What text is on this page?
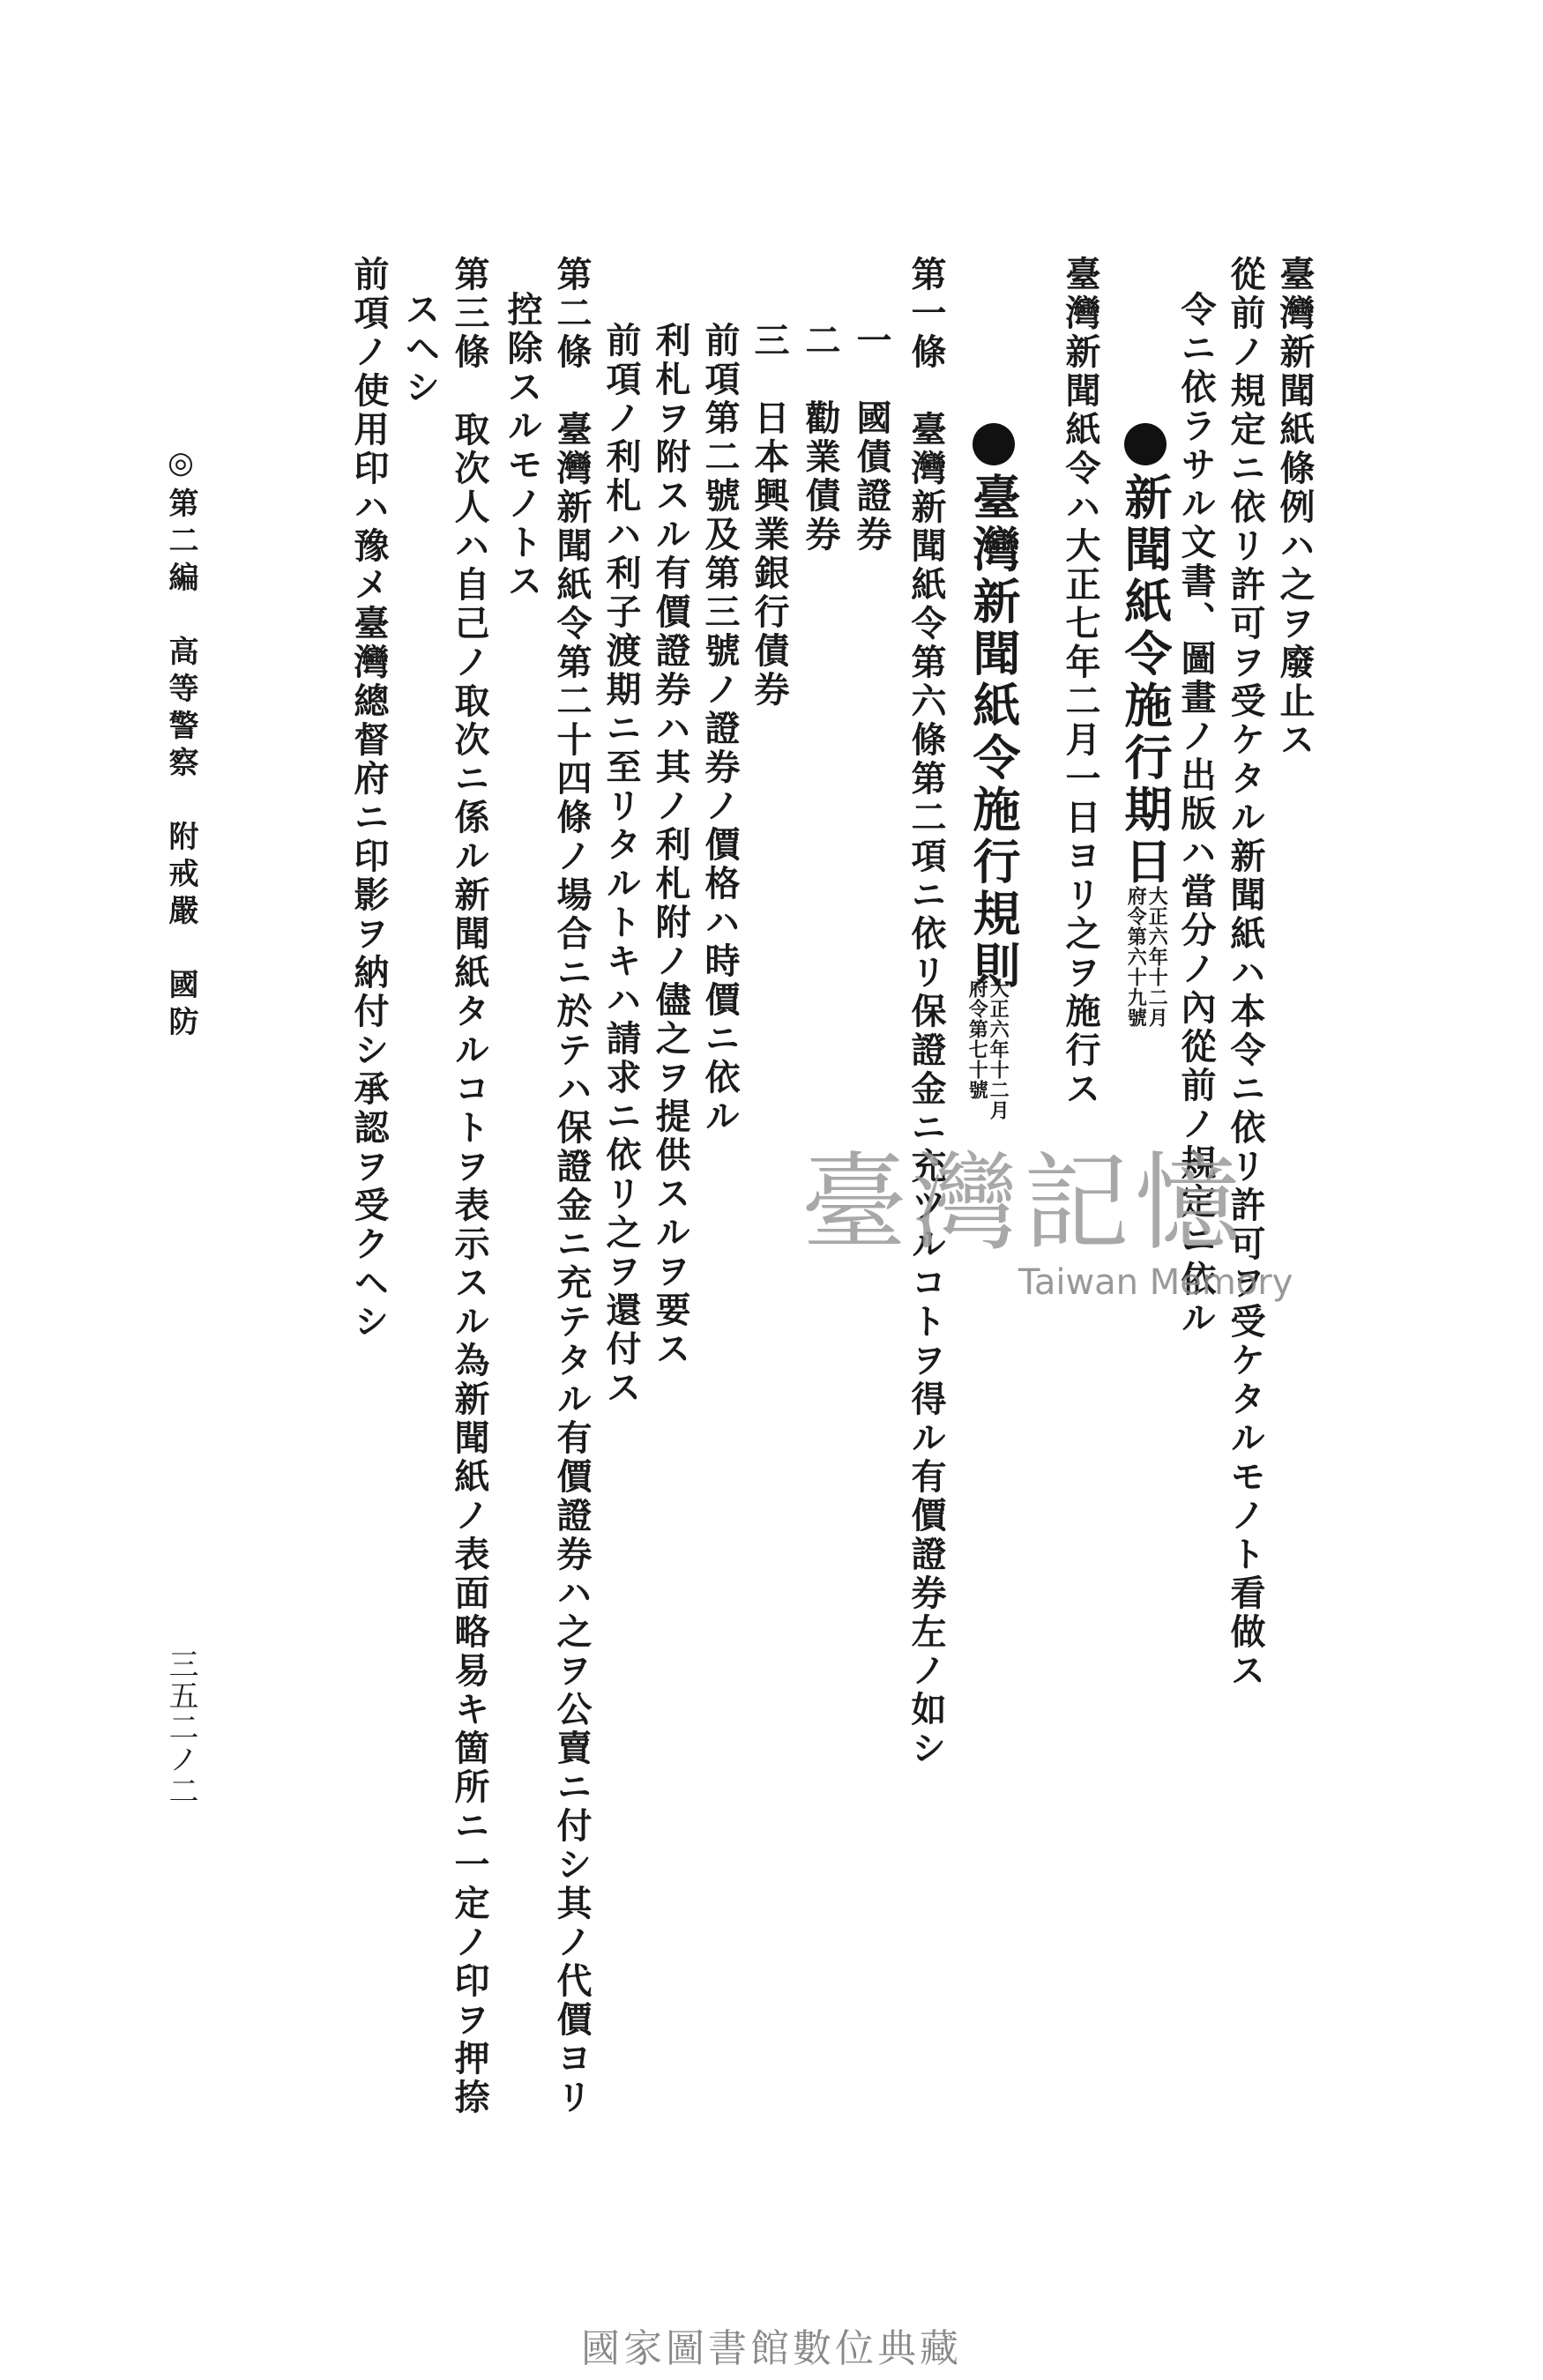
臺灣新聞紙條例ハ之ヲ廢止ス
從前ノ規定ニ依リ許可ヲ受ケタル新聞紙ハ本令ニ依リ許可ヲ受ケタルモノト看做ス
令ニ依ラサル文書、圖畫ノ出版ハ當分ノ內從前ノ規定ニ依ル
新聞紙令施行期日
大正六年十二月
府令第六十九號
臺灣新聞紙令ハ大正七年二月一日ヨリ之ヲ施行ス
臺灣新聞紙令施行規則
大正六年十二月
府令第七十號
第一條　臺灣新聞紙令第六條第二項ニ依リ保證金ニ充ツルコトヲ得ル有價證券左ノ如シ
一　國債證券
二　勸業債券
三　日本興業銀行債券
前項第二號及第三號ノ證券ノ價格ハ時價ニ依ル
利札ヲ附スル有價證券ハ其ノ利札附ノ儘之ヲ提供スルヲ要ス
前項ノ利札ハ利子渡期ニ至リタルトキハ請求ニ依リ之ヲ還付ス
第二條　臺灣新聞紙令第二十四條ノ場合ニ於テハ保證金ニ充テタル有價證券ハ之ヲ公賣ニ付シ其ノ代價ヨリ
控除スルモノトス
第三條　取次人ハ自己ノ取次ニ係ル新聞紙タルコトヲ表示スル為新聞紙ノ表面略易キ箇所ニ一定ノ印ヲ押捺
スヘシ
前項ノ使用印ハ豫メ臺灣總督府ニ印影ヲ納付シ承認ヲ受クヘシ
◎第二編　高等警察　附戒嚴　國防
三五二ノ二
臺灣記憶
Taiwan Memory
國家圖書館數位典藏
